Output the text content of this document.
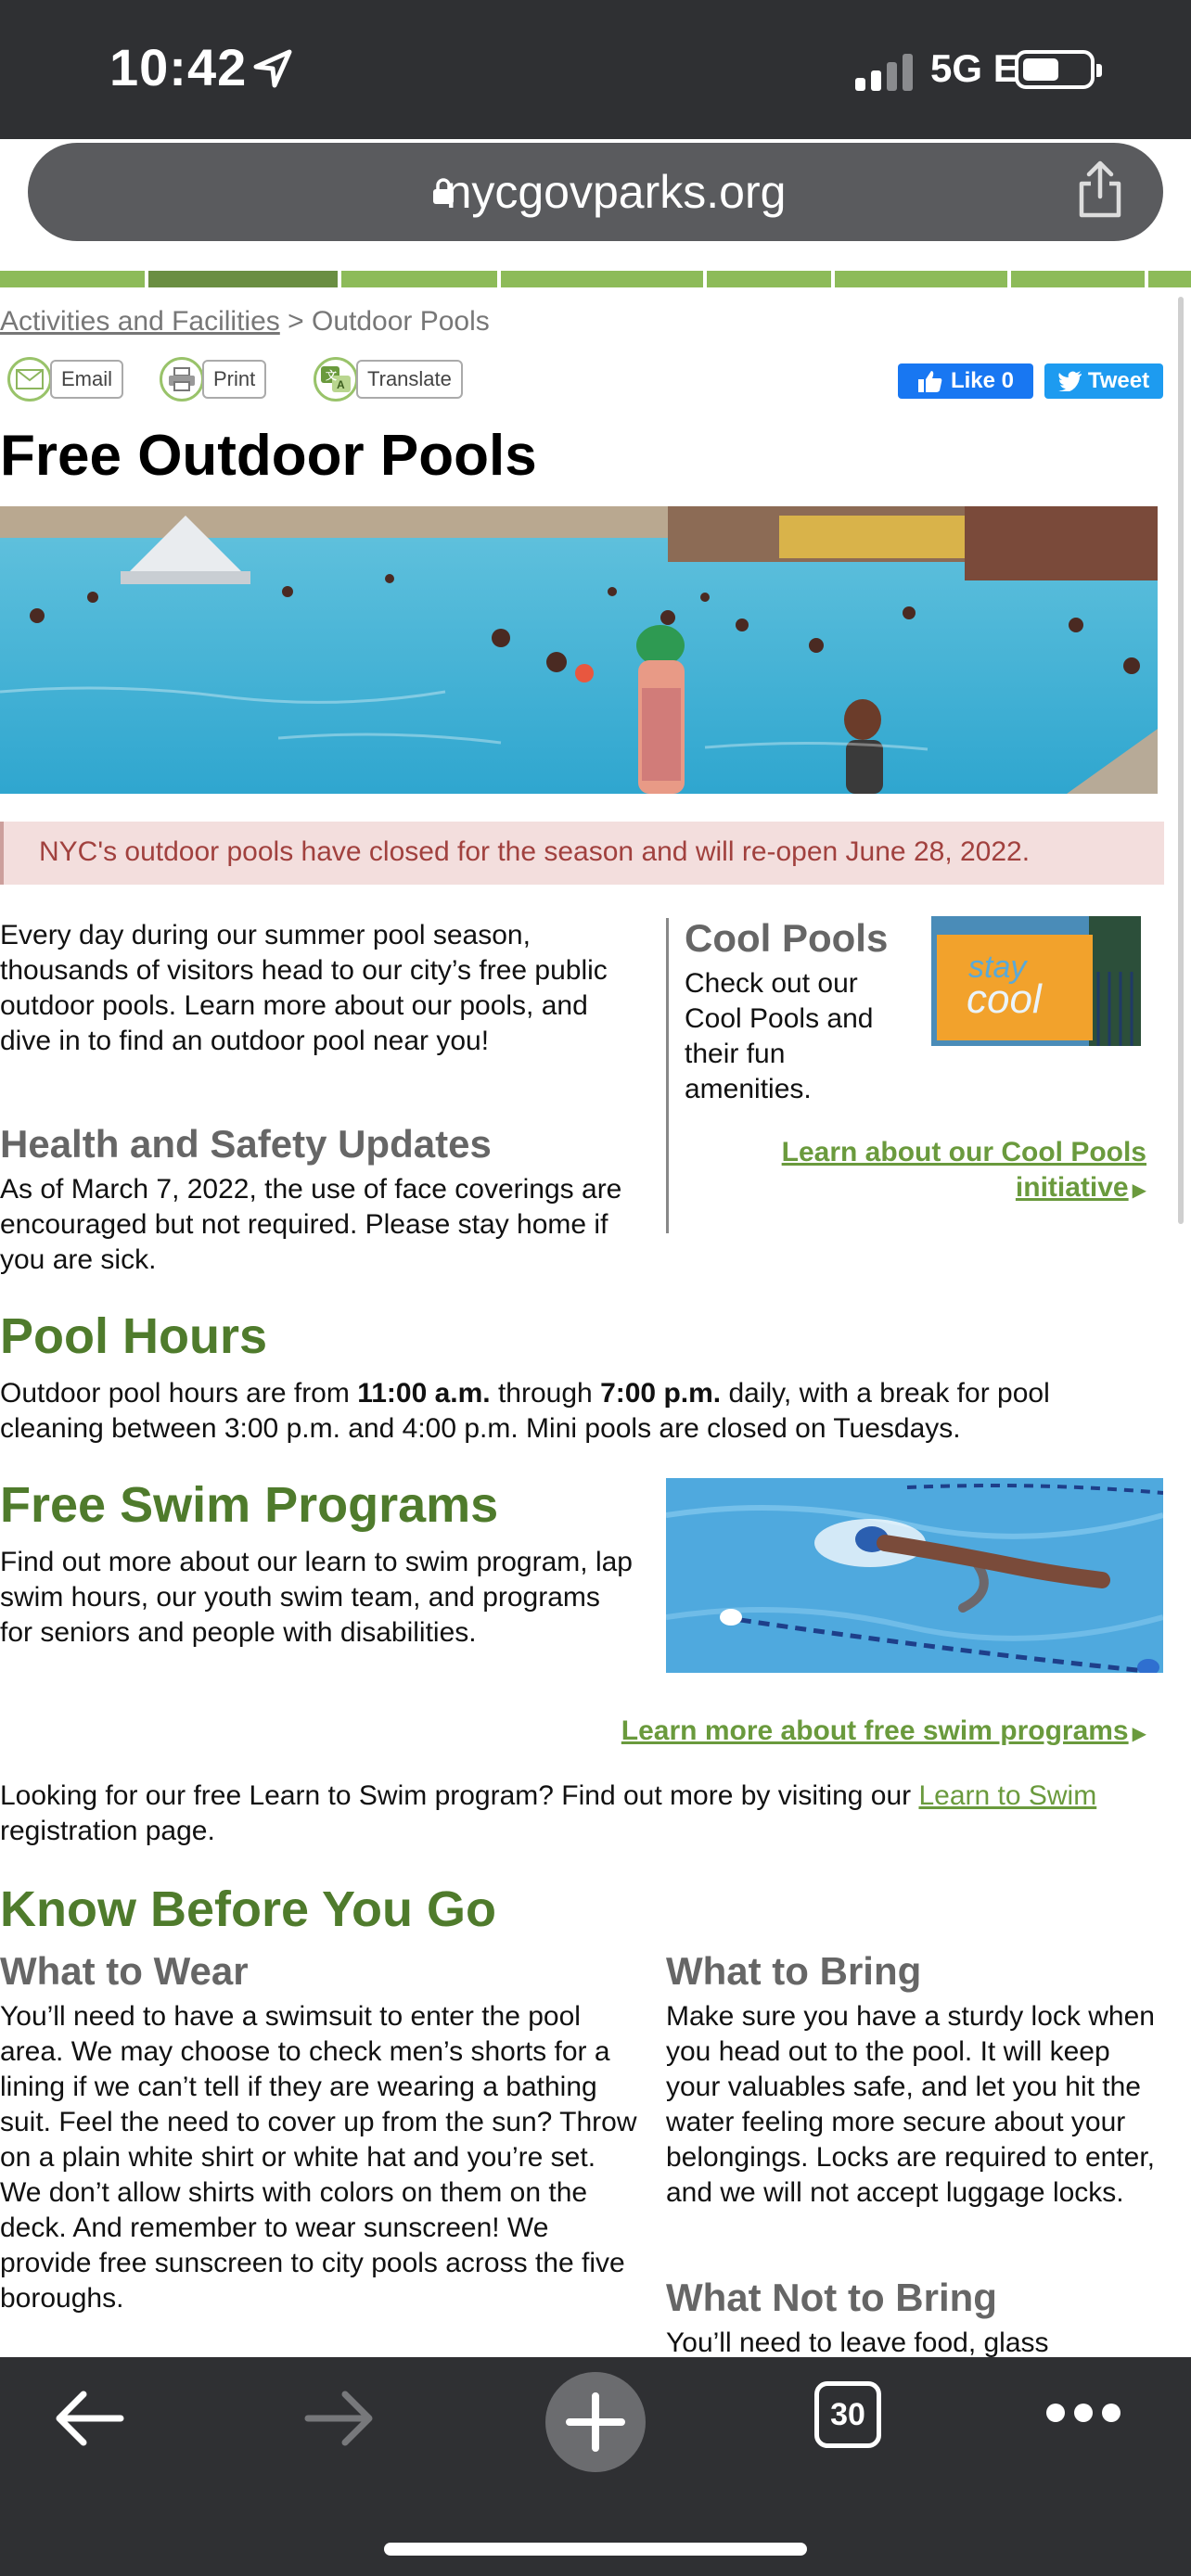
10:42	5G E
nycgovparks.org
Activities and Facilities > Outdoor Pools
Email	Print	文
A	Translate	Like 0	Tweet
Free Outdoor Pools
NYC's outdoor pools have closed for the season and will re-open June 28, 2022.
Every day during our summer pool season, thousands of visitors head to our city’s free public outdoor pools. Learn more about our pools, and dive in to find an outdoor pool near you!
Cool Pools
Check out our Cool Pools and their fun amenities.
stay
cool
Learn about our Cool Pools
initiative ▶
Health and Safety Updates
As of March 7, 2022, the use of face coverings are encouraged but not required. Please stay home if you are sick.
Pool Hours
Outdoor pool hours are from 11:00 a.m. through 7:00 p.m. daily, with a break for pool cleaning between 3:00 p.m. and 4:00 p.m. Mini pools are closed on Tuesdays.
Free Swim Programs
Find out more about our learn to swim program, lap swim hours, our youth swim team, and programs for seniors and people with disabilities.
Learn more about free swim programs ▶
Looking for our free Learn to Swim program? Find out more by visiting our Learn to Swim registration page.
Know Before You Go
What to Wear
You’ll need to have a swimsuit to enter the pool area. We may choose to check men’s shorts for a lining if we can’t tell if they are wearing a bathing suit. Feel the need to cover up from the sun? Throw on a plain white shirt or white hat and you’re set. We don’t allow shirts with colors on them on the deck. And remember to wear sunscreen! We provide free sunscreen to city pools across the five boroughs.
What to Bring
Make sure you have a sturdy lock when you head out to the pool. It will keep your valuables safe, and let you hit the water feeling more secure about your belongings. Locks are required to enter, and we will not accept luggage locks.
What Not to Bring
You’ll need to leave food, glass
30
